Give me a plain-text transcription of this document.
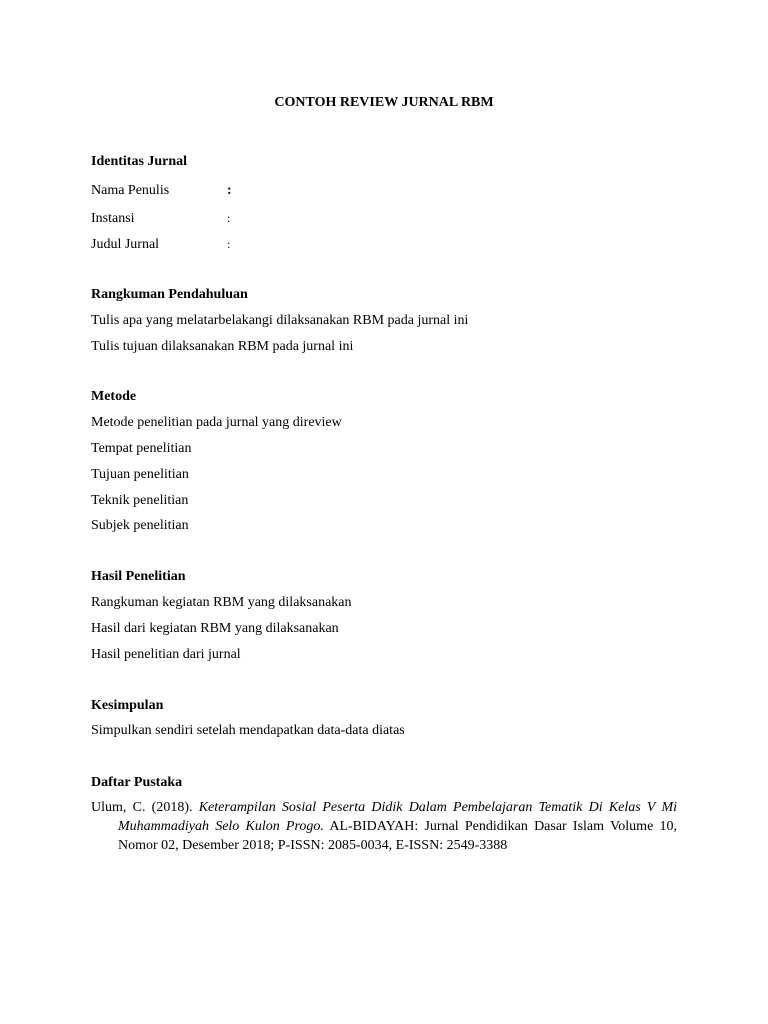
CONTOH REVIEW JURNAL RBM
Identitas Jurnal
Nama Penulis	:
Instansi	:
Judul Jurnal	:
Rangkuman Pendahuluan
Tulis apa yang melatarbelakangi dilaksanakan RBM pada jurnal ini
Tulis tujuan dilaksanakan RBM pada jurnal ini
Metode
Metode penelitian pada jurnal yang direview
Tempat penelitian
Tujuan penelitian
Teknik penelitian
Subjek penelitian
Hasil Penelitian
Rangkuman kegiatan RBM yang dilaksanakan
Hasil dari kegiatan RBM yang dilaksanakan
Hasil penelitian dari jurnal
Kesimpulan
Simpulkan sendiri setelah mendapatkan data-data diatas
Daftar Pustaka
Ulum, C. (2018). Keterampilan Sosial Peserta Didik Dalam Pembelajaran Tematik Di Kelas V Mi Muhammadiyah Selo Kulon Progo. AL-BIDAYAH: Jurnal Pendidikan Dasar Islam Volume 10, Nomor 02, Desember 2018; P-ISSN: 2085-0034, E-ISSN: 2549-3388
